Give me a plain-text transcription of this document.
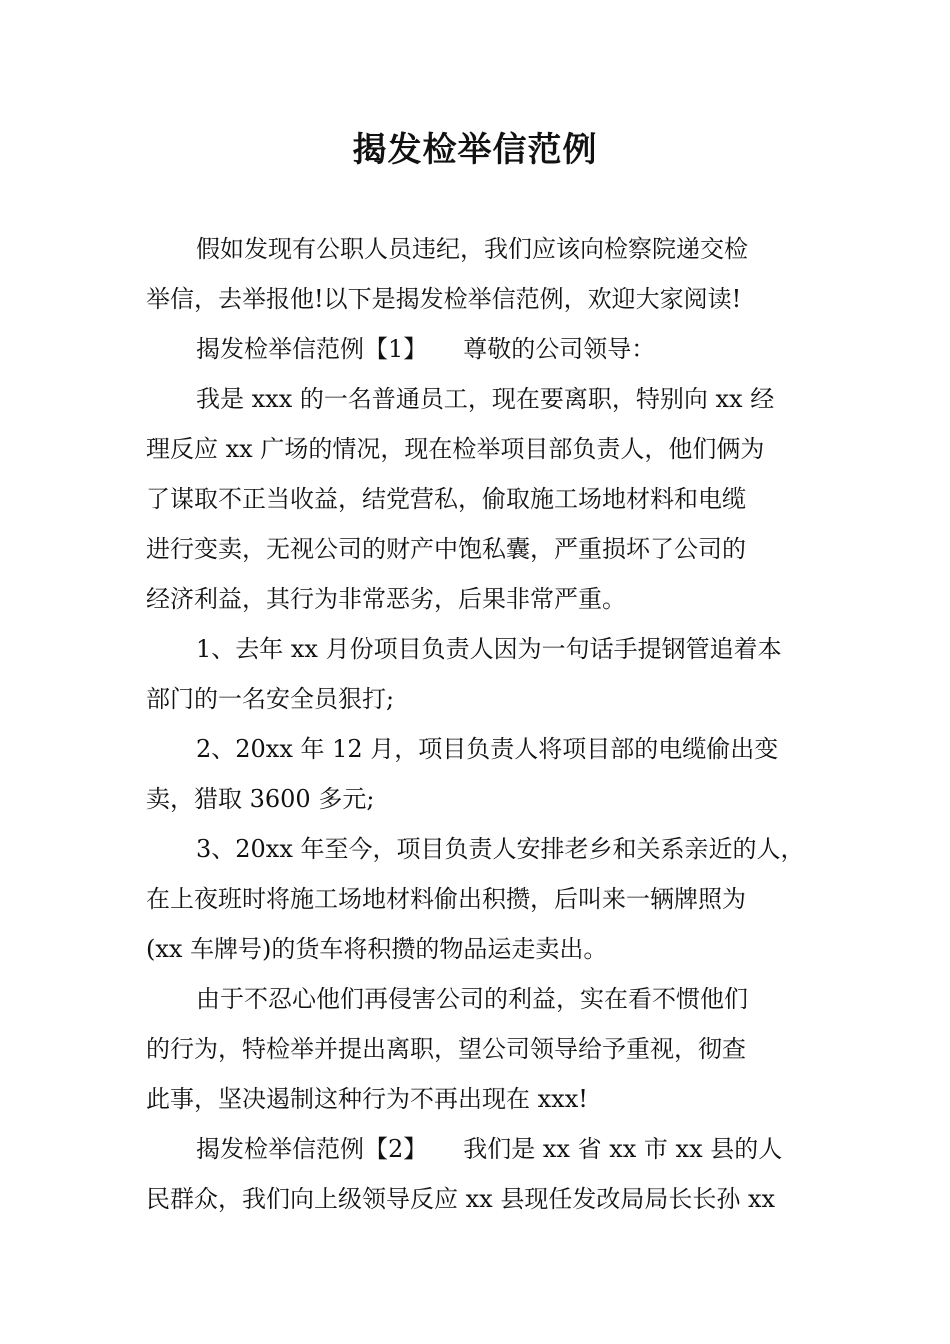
揭发检举信范例
假如发现有公职人员违纪，我们应该向检察院递交检
举信，去举报他!以下是揭发检举信范例，欢迎大家阅读!
揭发检举信范例【1】　　尊敬的公司领导：
我是 xxx 的一名普通员工，现在要离职，特别向 xx 经
理反应 xx 广场的情况，现在检举项目部负责人，他们俩为
了谋取不正当收益，结党营私，偷取施工场地材料和电缆
进行变卖，无视公司的财产中饱私囊，严重损坏了公司的
经济利益，其行为非常恶劣，后果非常严重。
1、去年 xx 月份项目负责人因为一句话手提钢管追着本
部门的一名安全员狠打;
2、20xx 年 12 月，项目负责人将项目部的电缆偷出变
卖，猎取 3600 多元;
3、20xx 年至今，项目负责人安排老乡和关系亲近的人，
在上夜班时将施工场地材料偷出积攒，后叫来一辆牌照为
(xx 车牌号)的货车将积攒的物品运走卖出。
由于不忍心他们再侵害公司的利益，实在看不惯他们
的行为，特检举并提出离职，望公司领导给予重视，彻查
此事，坚决遏制这种行为不再出现在 xxx!
揭发检举信范例【2】　　我们是 xx 省 xx 市 xx 县的人
民群众，我们向上级领导反应 xx 县现任发改局局长长孙 xx
